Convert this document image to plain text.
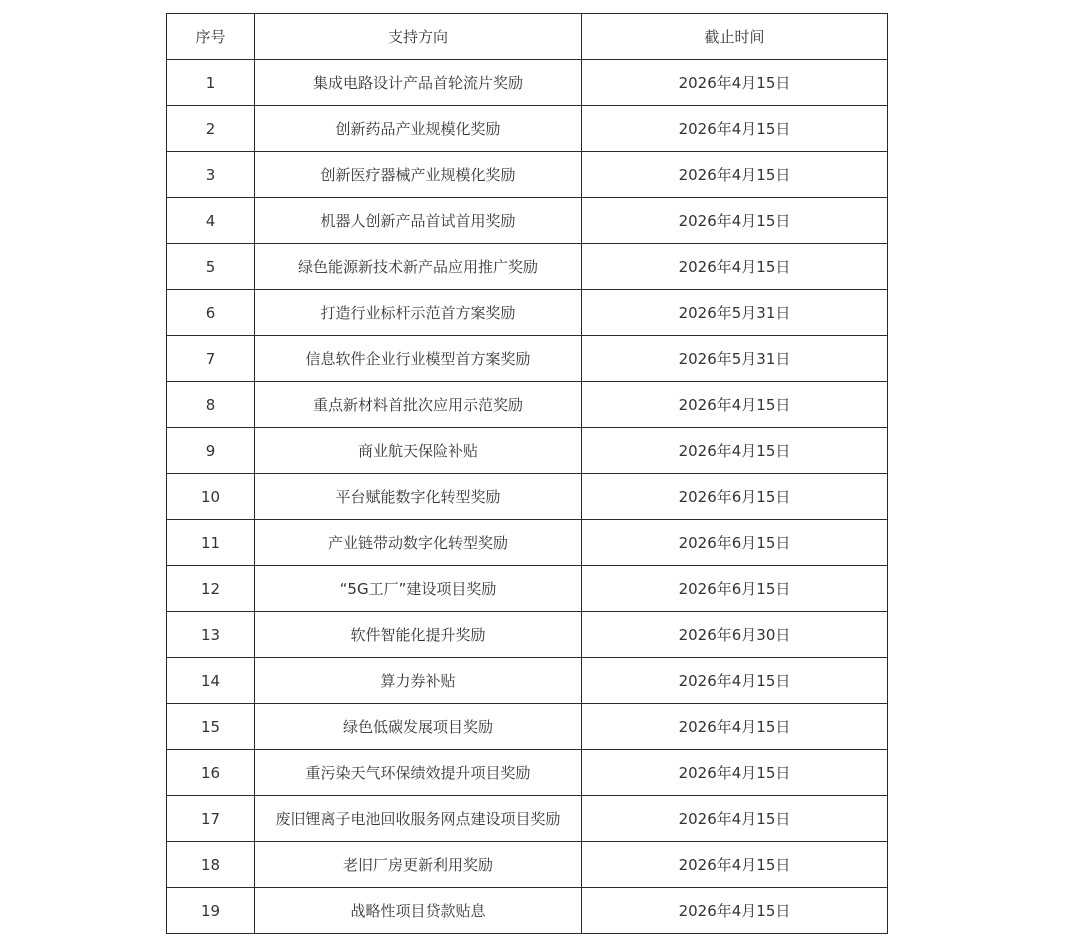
序号	支持方向	截止时间
1	集成电路设计产品首轮流片奖励	2026年4月15日
2	创新药品产业规模化奖励	2026年4月15日
3	创新医疗器械产业规模化奖励	2026年4月15日
4	机器人创新产品首试首用奖励	2026年4月15日
5	绿色能源新技术新产品应用推广奖励	2026年4月15日
6	打造行业标杆示范首方案奖励	2026年5月31日
7	信息软件企业行业模型首方案奖励	2026年5月31日
8	重点新材料首批次应用示范奖励	2026年4月15日
9	商业航天保险补贴	2026年4月15日
10	平台赋能数字化转型奖励	2026年6月15日
11	产业链带动数字化转型奖励	2026年6月15日
12	“5G工厂”建设项目奖励	2026年6月15日
13	软件智能化提升奖励	2026年6月30日
14	算力券补贴	2026年4月15日
15	绿色低碳发展项目奖励	2026年4月15日
16	重污染天气环保绩效提升项目奖励	2026年4月15日
17	废旧锂离子电池回收服务网点建设项目奖励	2026年4月15日
18	老旧厂房更新利用奖励	2026年4月15日
19	战略性项目贷款贴息	2026年4月15日
